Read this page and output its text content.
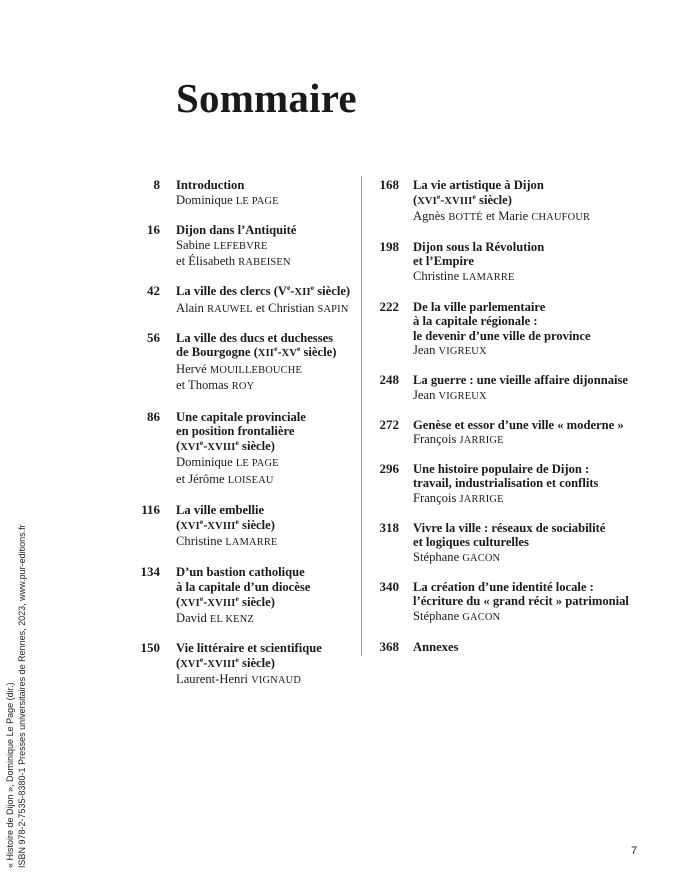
Sommaire
8 Introduction
Dominique LE PAGE
16 Dijon dans l’Antiquité
Sabine LEFEBVRE
et Élisabeth RABEISEN
42 La ville des clercs (Ve-XIIe siècle)
Alain RAUWEL et Christian SAPIN
56 La ville des ducs et duchesses
de Bourgogne (XIIe-XVe siècle)
Hervé MOUILLEBOUCHE
et Thomas ROY
86 Une capitale provinciale
en position frontalière
(XVIe-XVIIIe siècle)
Dominique LE PAGE
et Jérôme LOISEAU
116 La ville embellie
(XVIe-XVIIIe siècle)
Christine LAMARRE
134 D’un bastion catholique
à la capitale d’un diocèse
(XVIe-XVIIIe siècle)
David EL KENZ
150 Vie littéraire et scientifique
(XVIe-XVIIIe siècle)
Laurent-Henri VIGNAUD
168 La vie artistique à Dijon
(XVIe-XVIIIe siècle)
Agnès BOTTÉ et Marie CHAUFOUR
198 Dijon sous la Révolution
et l’Empire
Christine LAMARRE
222 De la ville parlementaire
à la capitale régionale :
le devenir d’une ville de province
Jean VIGREUX
248 La guerre : une vieille affaire dijonnaise
Jean VIGREUX
272 Genèse et essor d’une ville « moderne »
François JARRIGE
296 Une histoire populaire de Dijon :
travail, industrialisation et conflits
François JARRIGE
318 Vivre la ville : réseaux de sociabilité
et logiques culturelles
Stéphane GACON
340 La création d’une identité locale :
l’écriture du « grand récit » patrimonial
Stéphane GACON
368 Annexes
« Histoire de Dijon », Dominique Le Page (dir.) ISBN 978-2-7535-8380-1 Presses universitaires de Rennes, 2023, www.pur-editions.fr	7
